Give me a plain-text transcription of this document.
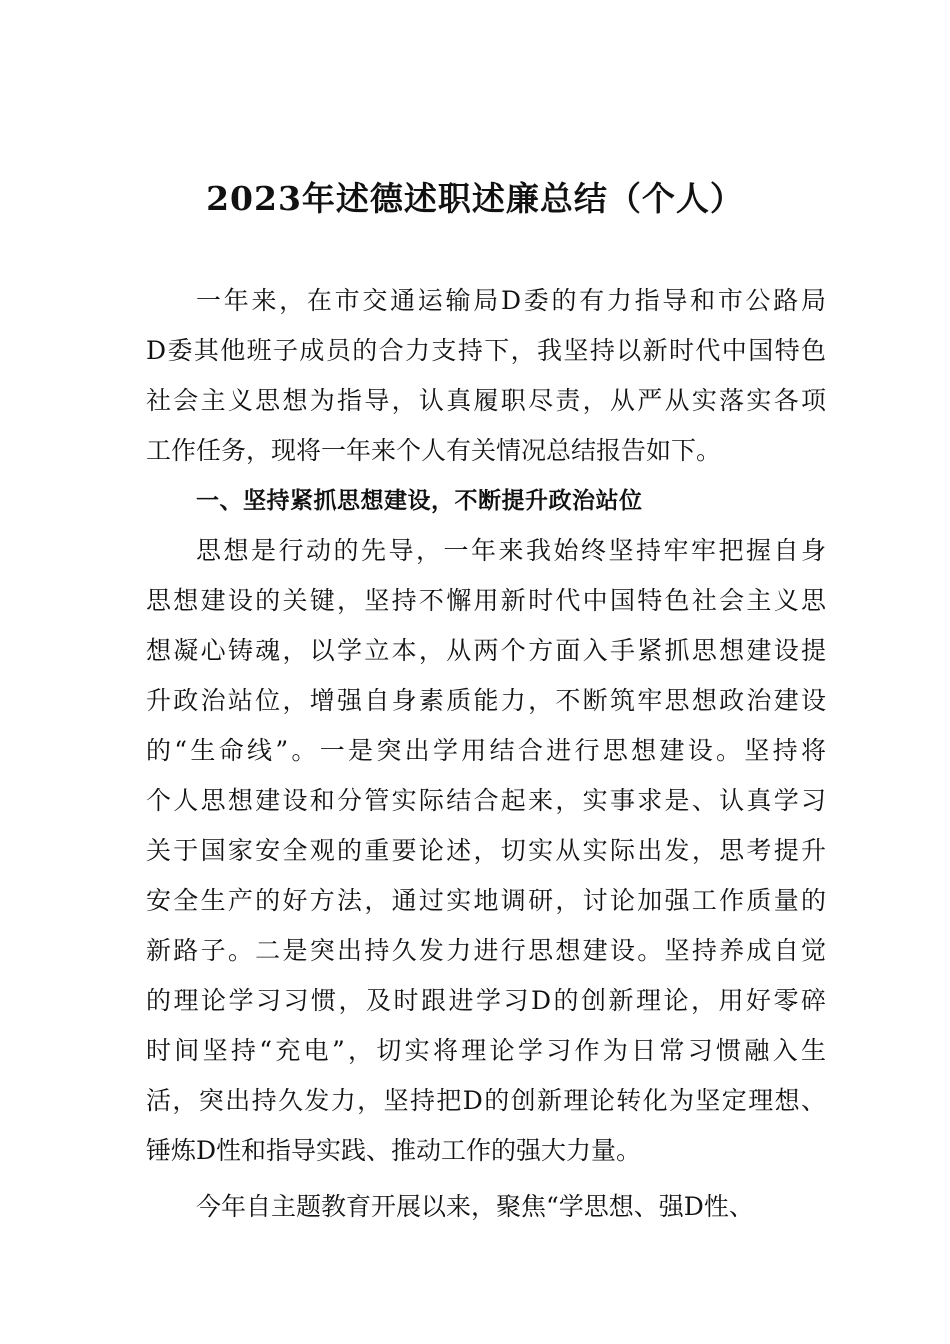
2023年述德述职述廉总结（个人）
一年来，在市交通运输局D委的有力指导和市公路局
D委其他班子成员的合力支持下，我坚持以新时代中国特色
社会主义思想为指导，认真履职尽责，从严从实落实各项
工作任务，现将一年来个人有关情况总结报告如下。
一、坚持紧抓思想建设，不断提升政治站位
思想是行动的先导，一年来我始终坚持牢牢把握自身
思想建设的关键，坚持不懈用新时代中国特色社会主义思
想凝心铸魂，以学立本，从两个方面入手紧抓思想建设提
升政治站位，增强自身素质能力，不断筑牢思想政治建设
的“生命线”。一是突出学用结合进行思想建设。坚持将
个人思想建设和分管实际结合起来，实事求是、认真学习
关于国家安全观的重要论述，切实从实际出发，思考提升
安全生产的好方法，通过实地调研，讨论加强工作质量的
新路子。二是突出持久发力进行思想建设。坚持养成自觉
的理论学习习惯，及时跟进学习D的创新理论，用好零碎
时间坚持“充电”，切实将理论学习作为日常习惯融入生
活，突出持久发力，坚持把D的创新理论转化为坚定理想、
锤炼D性和指导实践、推动工作的强大力量。
今年自主题教育开展以来，聚焦“学思想、强D性、
